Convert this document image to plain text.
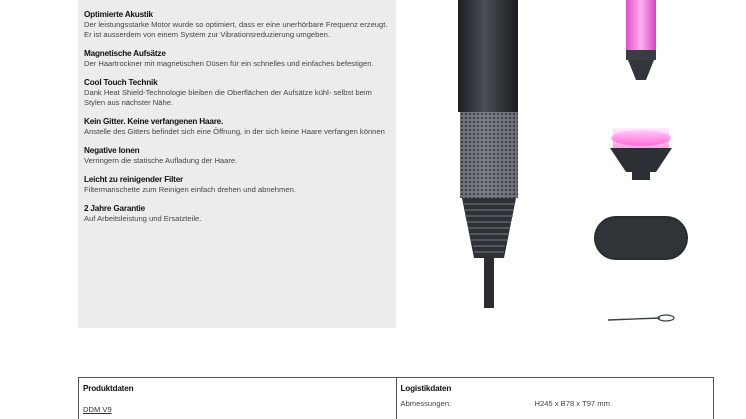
Optimierte Akustik

Der leistungsstarke Motor wurde so optimiert, dass er eine unerhörbare Frequenz erzeugt. Er ist ausserdem von einem System zur Vibrationsreduzierung umgeben.

Magnetische Aufsätze

Der Haartrockner mit magnetischen Düsen für ein schnelles und einfaches befestigen.

Cool Touch Technik

Dank Heat Shield-Technologie bleiben die Oberflächen der Aufsätze kühl- selbst beim Stylen aus nächster Nähe.

Kein Gitter. Keine verfangenen Haare.

Anstelle des Gitters befindet sich eine Öffnung, in der sich keine Haare verfangen können

Negative Ionen

Verringern die statische Aufladung der Haare.

Leicht zu reinigender Filter

Filtermanschette zum Reinigen einfach drehen und abnehmen.

2 Jahre Garantie

Auf Arbeitsleistung und Ersatzteile.

Produktdaten
DDM V9
Logistikdaten
Abmessungen:	H245 x B78 x T97 mm
